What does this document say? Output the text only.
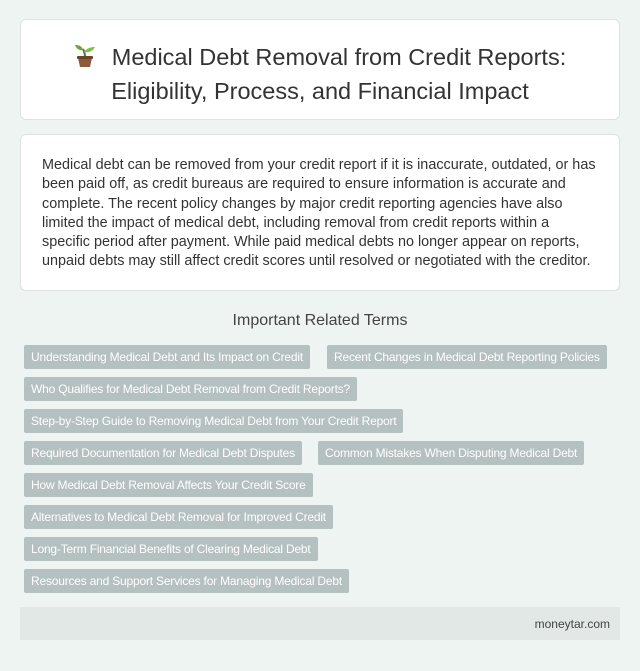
Medical Debt Removal from Credit Reports:
Eligibility, Process, and Financial Impact
Medical debt can be removed from your credit report if it is inaccurate, outdated, or has been paid off, as credit bureaus are required to ensure information is accurate and complete. The recent policy changes by major credit reporting agencies have also limited the impact of medical debt, including removal from credit reports within a specific period after payment. While paid medical debts no longer appear on reports, unpaid debts may still affect credit scores until resolved or negotiated with the creditor.
Important Related Terms
Understanding Medical Debt and Its Impact on Credit	Recent Changes in Medical Debt Reporting Policies
Who Qualifies for Medical Debt Removal from Credit Reports?
Step-by-Step Guide to Removing Medical Debt from Your Credit Report
Required Documentation for Medical Debt Disputes	Common Mistakes When Disputing Medical Debt
How Medical Debt Removal Affects Your Credit Score
Alternatives to Medical Debt Removal for Improved Credit
Long-Term Financial Benefits of Clearing Medical Debt
Resources and Support Services for Managing Medical Debt
moneytar.com
